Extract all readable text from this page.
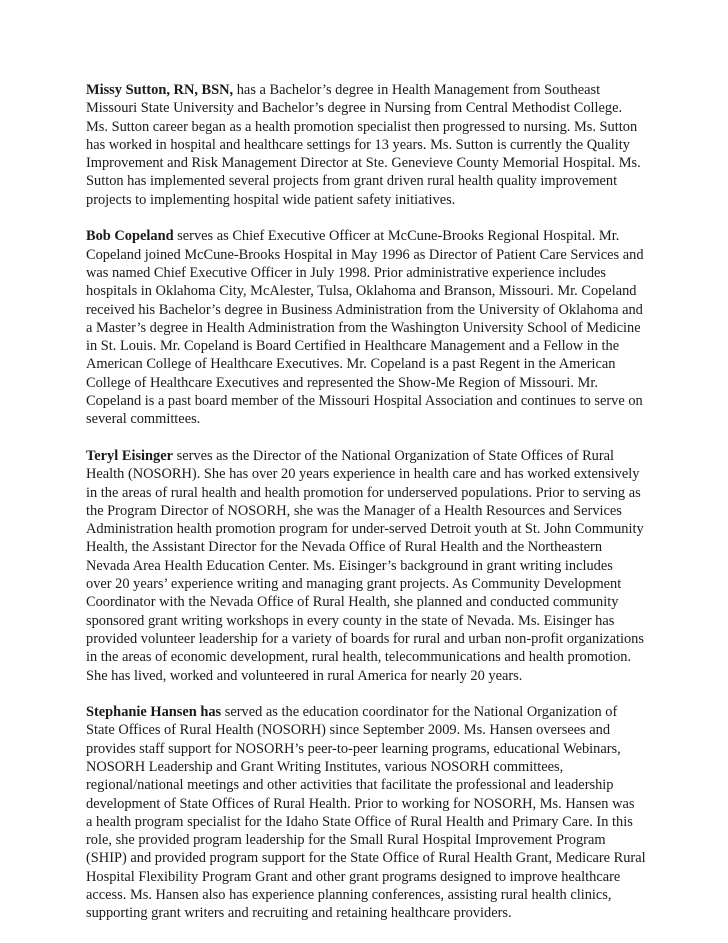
Missy Sutton, RN, BSN, has a Bachelor’s degree in Health Management from Southeast
Missouri State University and Bachelor’s degree in Nursing from Central Methodist College.
Ms. Sutton career began as a health promotion specialist then progressed to nursing. Ms. Sutton
has worked in hospital and healthcare settings for 13 years. Ms. Sutton is currently the Quality
Improvement and Risk Management Director at Ste. Genevieve County Memorial Hospital. Ms.
Sutton has implemented several projects from grant driven rural health quality improvement
projects to implementing hospital wide patient safety initiatives.

Bob Copeland serves as Chief Executive Officer at McCune-Brooks Regional Hospital. Mr.
Copeland joined McCune-Brooks Hospital in May 1996 as Director of Patient Care Services and
was named Chief Executive Officer in July 1998. Prior administrative experience includes
hospitals in Oklahoma City, McAlester, Tulsa, Oklahoma and Branson, Missouri. Mr. Copeland
received his Bachelor’s degree in Business Administration from the University of Oklahoma and
a Master’s degree in Health Administration from the Washington University School of Medicine
in St. Louis. Mr. Copeland is Board Certified in Healthcare Management and a Fellow in the
American College of Healthcare Executives. Mr. Copeland is a past Regent in the American
College of Healthcare Executives and represented the Show-Me Region of Missouri. Mr.
Copeland is a past board member of the Missouri Hospital Association and continues to serve on
several committees.

Teryl Eisinger serves as the Director of the National Organization of State Offices of Rural
Health (NOSORH). She has over 20 years experience in health care and has worked extensively
in the areas of rural health and health promotion for underserved populations. Prior to serving as
the Program Director of NOSORH, she was the Manager of a Health Resources and Services
Administration health promotion program for under-served Detroit youth at St. John Community
Health, the Assistant Director for the Nevada Office of Rural Health and the Northeastern
Nevada Area Health Education Center. Ms. Eisinger’s background in grant writing includes
over 20 years’ experience writing and managing grant projects. As Community Development
Coordinator with the Nevada Office of Rural Health, she planned and conducted community
sponsored grant writing workshops in every county in the state of Nevada. Ms. Eisinger has
provided volunteer leadership for a variety of boards for rural and urban non-profit organizations
in the areas of economic development, rural health, telecommunications and health promotion.
She has lived, worked and volunteered in rural America for nearly 20 years.

Stephanie Hansen has served as the education coordinator for the National Organization of
State Offices of Rural Health (NOSORH) since September 2009. Ms. Hansen oversees and
provides staff support for NOSORH’s peer-to-peer learning programs, educational Webinars,
NOSORH Leadership and Grant Writing Institutes, various NOSORH committees,
regional/national meetings and other activities that facilitate the professional and leadership
development of State Offices of Rural Health. Prior to working for NOSORH, Ms. Hansen was
a health program specialist for the Idaho State Office of Rural Health and Primary Care. In this
role, she provided program leadership for the Small Rural Hospital Improvement Program
(SHIP) and provided program support for the State Office of Rural Health Grant, Medicare Rural
Hospital Flexibility Program Grant and other grant programs designed to improve healthcare
access. Ms. Hansen also has experience planning conferences, assisting rural health clinics,
supporting grant writers and recruiting and retaining healthcare providers.
